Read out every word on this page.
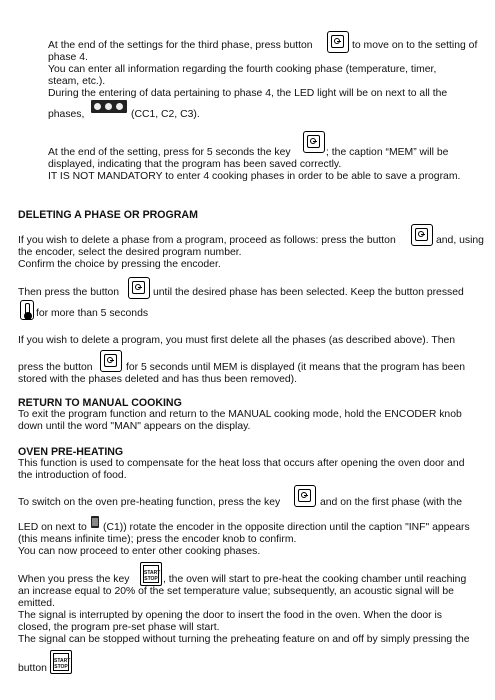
At the end of the settings for the third phase, press button	to move on to the setting of
phase 4.
You can enter all information regarding the fourth cooking phase (temperature, timer,
steam, etc.).
During the entering of data pertaining to phase 4, the LED light will be on next to all the
phases,	(CC1, C2, C3).
At the end of the setting, press for 5 seconds the key	; the caption “MEM” will be
displayed, indicating that the program has been saved correctly.
IT IS NOT MANDATORY to enter 4 cooking phases in order to be able to save a program.
DELETING A PHASE OR PROGRAM
If you wish to delete a phase from a program, proceed as follows: press the button	and, using
the encoder, select the desired program number.
Confirm the choice by pressing the encoder.
Then press the button	until the desired phase has been selected. Keep the button pressed
for more than 5 seconds
If you wish to delete a program, you must first delete all the phases (as described above). Then
press the button	for 5 seconds until MEM is displayed (it means that the program has been
stored with the phases deleted and has thus been removed).
RETURN TO MANUAL COOKING
To exit the program function and return to the MANUAL cooking mode, hold the ENCODER knob
down until the word "MAN" appears on the display.
OVEN PRE-HEATING
This function is used to compensate for the heat loss that occurs after opening the oven door and
the introduction of food.
To switch on the oven pre-heating function, press the key	and on the first phase (with the
LED on next to (C1)) rotate the encoder in the opposite direction until the caption "INF" appears
(this means infinite time); press the encoder knob to confirm.
You can now proceed to enter other cooking phases.
When you press the key
START
STOP , the oven will start to pre-heat the cooking chamber until reaching
an increase equal to 20% of the set temperature value; subsequently, an acoustic signal will be
emitted.
The signal is interrupted by opening the door to insert the food in the oven. When the door is
closed, the program pre-set phase will start.
The signal can be stopped without turning the preheating feature on and off by simply pressing the
button
START
STOP
